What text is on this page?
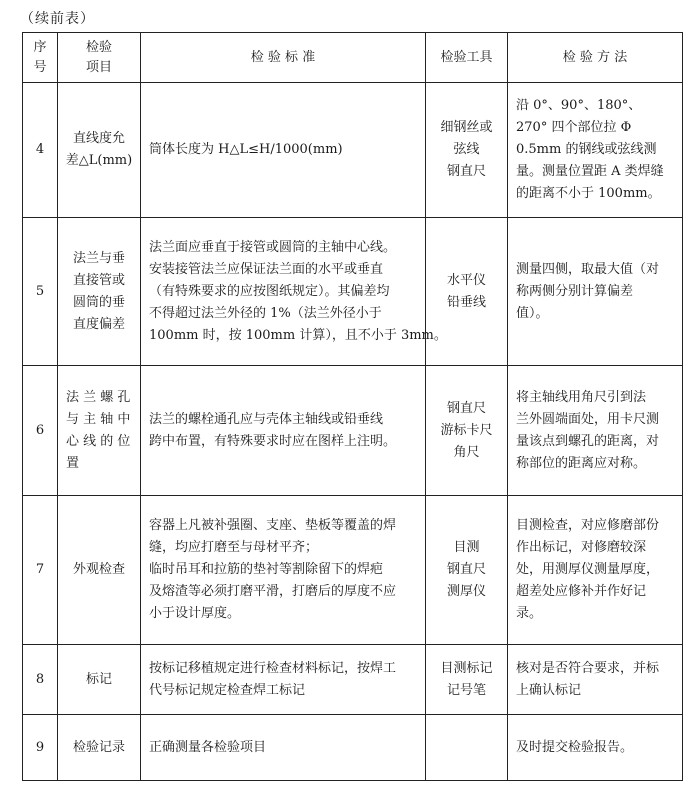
（续前表）
序
号	检验
项目	检 验 标 准	检验工具	检 验 方 法
4	直线度允
差△L(mm)	筒体长度为 H△L≤H/1000(mm)	细钢丝或
弦线
钢直尺	沿 0°、90°、180°、
270° 四个部位拉 Φ
0.5mm 的钢线或弦线测
量。测量位置距 A 类焊缝
的距离不小于 100mm。

5	法兰与垂
直接管或
圆筒的垂
直度偏差	法兰面应垂直于接管或圆筒的主轴中心线。
安装接管法兰应保证法兰面的水平或垂直
（有特殊要求的应按图纸规定）。其偏差均
不得超过法兰外径的 1%（法兰外径小于
100mm 时，按 100mm 计算），且不小于 3mm。	水平仪
铅垂线	测量四侧，取最大值（对
称两侧分别计算偏差
值）。

6	法 兰 螺 孔
与 主 轴 中
心 线 的 位
置	法兰的螺栓通孔应与壳体主轴线或铅垂线
跨中布置，有特殊要求时应在图样上注明。	钢直尺
游标卡尺
角尺	将主轴线用角尺引到法
兰外圆端面处，用卡尺测
量该点到螺孔的距离，对
称部位的距离应对称。

7	外观检查	容器上凡被补强圈、支座、垫板等覆盖的焊
缝，均应打磨至与母材平齐；
临时吊耳和拉筋的垫衬等割除留下的焊疤
及熔渣等必须打磨平滑，打磨后的厚度不应
小于设计厚度。	目测
钢直尺
测厚仪	目测检查，对应修磨部份
作出标记，对修磨较深
处，用测厚仪测量厚度，
超差处应修补并作好记
录。

8	标记	按标记移植规定进行检查材料标记，按焊工
代号标记规定检查焊工标记	目测标记
记号笔	核对是否符合要求，并标
上确认标记

9	检验记录	正确测量各检验项目		及时提交检验报告。
